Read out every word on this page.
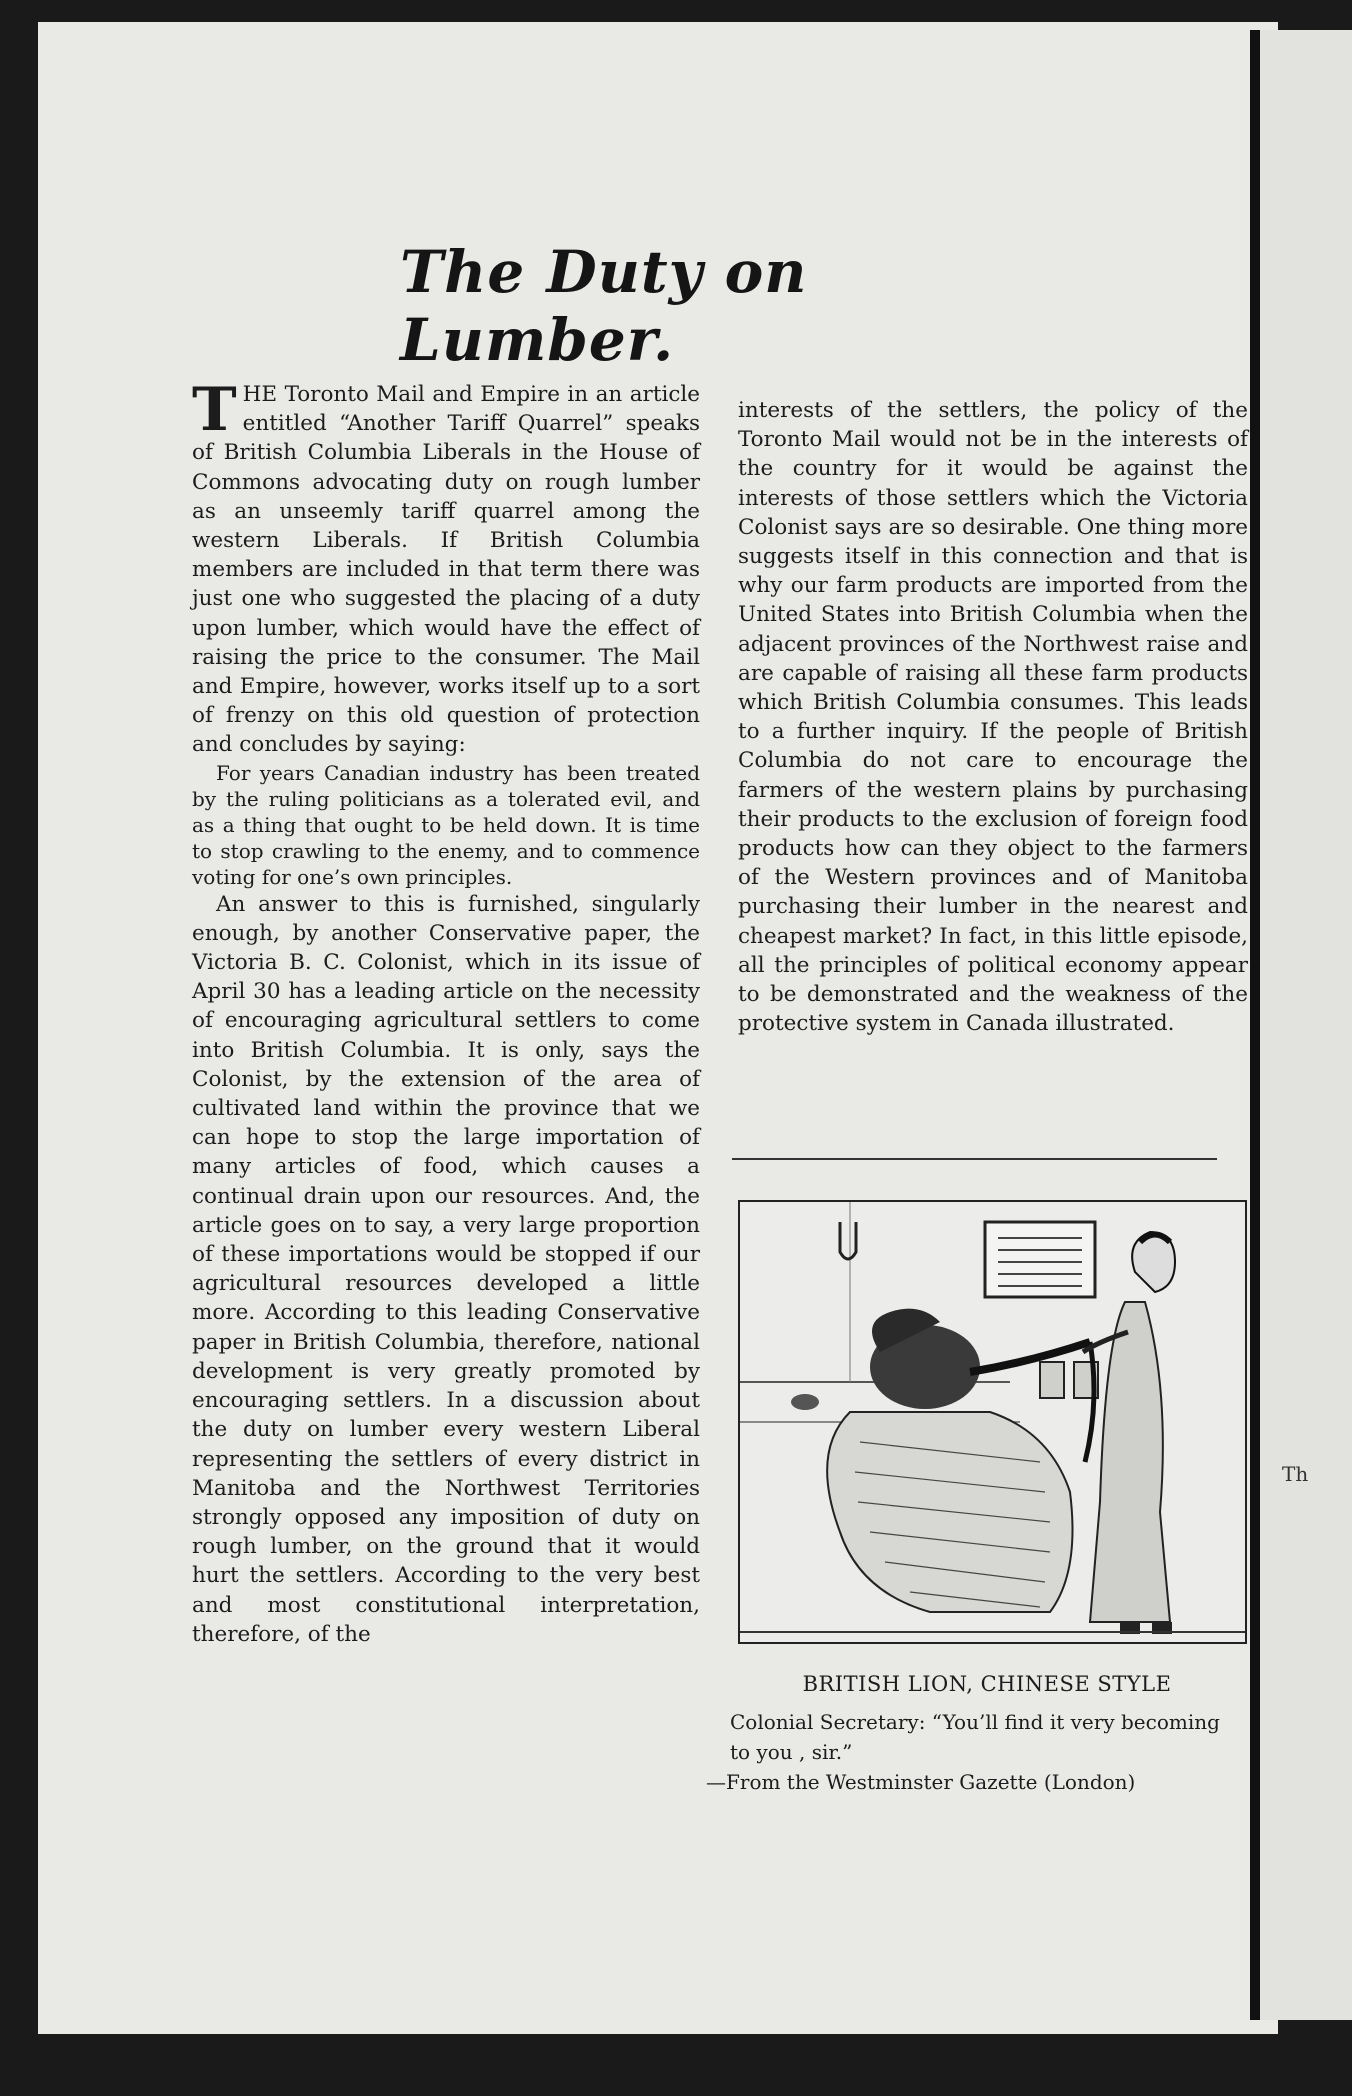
Th
The Duty on Lumber.

THE Toronto Mail and Empire in an article entitled “Another Tariff Quarrel” speaks of British Columbia Liberals in the House of Commons advocating duty on rough lumber as an unseemly tariff quarrel among the western Liberals. If British Columbia members are included in that term there was just one who suggested the placing of a duty upon lumber, which would have the effect of raising the price to the consumer. The Mail and Empire, however, works itself up to a sort of frenzy on this old question of protection and concludes by saying:

For years Canadian industry has been treated by the ruling politicians as a tolerated evil, and as a thing that ought to be held down. It is time to stop crawling to the enemy, and to commence voting for one’s own principles.

An answer to this is furnished, singularly enough, by another Conservative paper, the Victoria B. C. Colonist, which in its issue of April 30 has a leading article on the necessity of encouraging agricultural settlers to come into British Columbia. It is only, says the Colonist, by the extension of the area of cultivated land within the province that we can hope to stop the large importation of many articles of food, which causes a continual drain upon our resources. And, the article goes on to say, a very large proportion of these importations would be stopped if our agricultural resources developed a little more. According to this leading Conservative paper in British Columbia, therefore, national development is very greatly promoted by encouraging settlers. In a discussion about the duty on lumber every western Liberal representing the settlers of every district in Manitoba and the Northwest Territories strongly opposed any imposition of duty on rough lumber, on the ground that it would hurt the settlers. According to the very best and most constitutional interpretation, therefore, of the

interests of the settlers, the policy of the Toronto Mail would not be in the interests of the country for it would be against the interests of those settlers which the Victoria Colonist says are so desirable. One thing more suggests itself in this connection and that is why our farm products are imported from the United States into British Columbia when the adjacent provinces of the Northwest raise and are capable of raising all these farm products which British Columbia consumes. This leads to a further inquiry. If the people of British Columbia do not care to encourage the farmers of the western plains by purchasing their products to the exclusion of foreign food products how can they object to the farmers of the Western provinces and of Manitoba purchasing their lumber in the nearest and cheapest market? In fact, in this little episode, all the principles of political economy appear to be demonstrated and the weakness of the protective system in Canada illustrated.

BRITISH LION, CHINESE STYLE
Colonial Secretary: “You’ll find it very becoming to you , sir.”
—From the Westminster Gazette (London)
